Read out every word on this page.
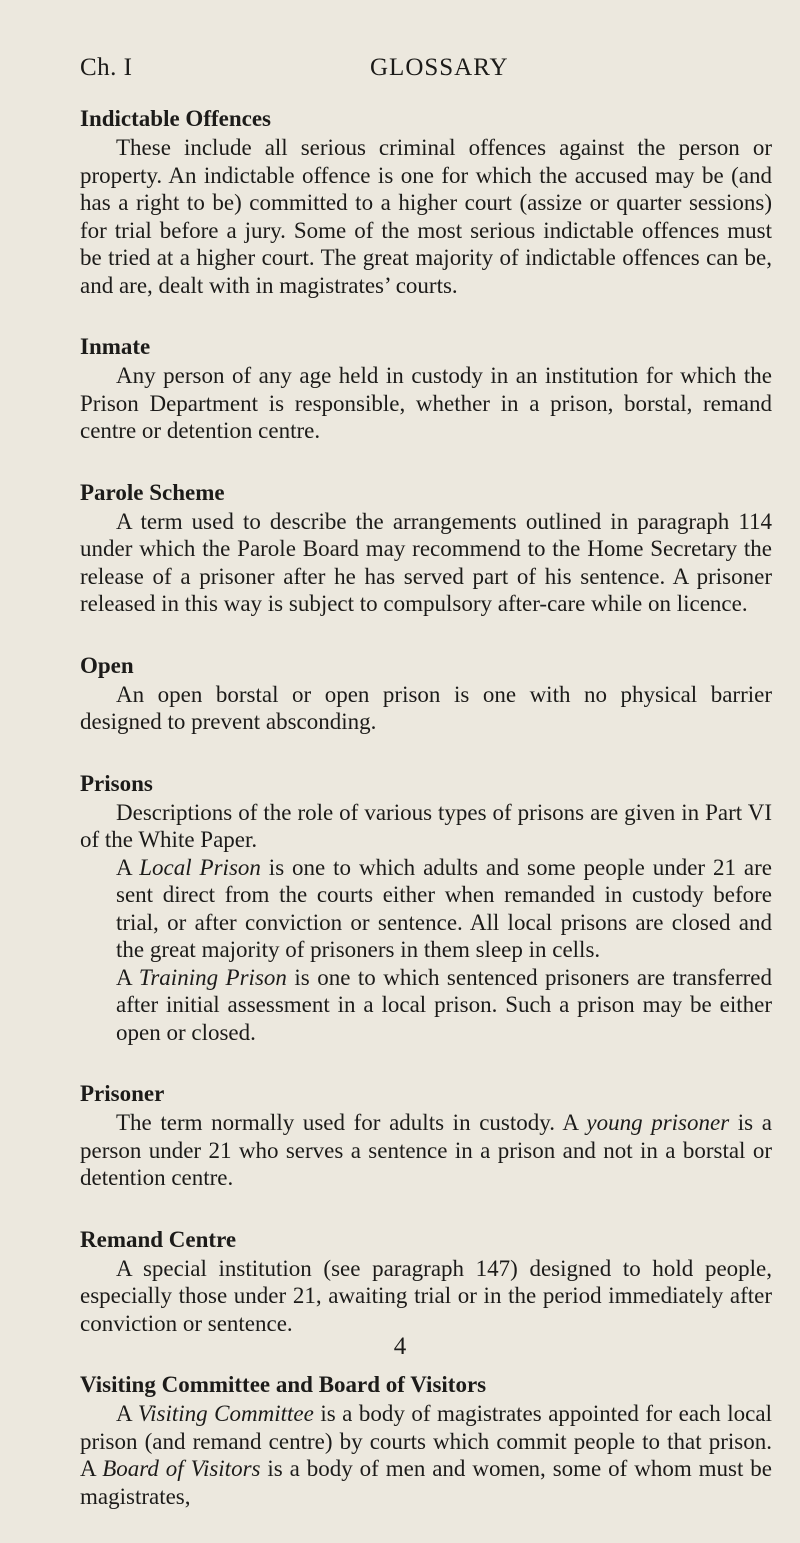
Ch. I	GLOSSARY

Indictable Offences

These include all serious criminal offences against the person or property. An indictable offence is one for which the accused may be (and has a right to be) committed to a higher court (assize or quarter sessions) for trial before a jury. Some of the most serious indictable offences must be tried at a higher court. The great majority of indictable offences can be, and are, dealt with in magistrates’ courts.

Inmate

Any person of any age held in custody in an institution for which the Prison Department is responsible, whether in a prison, borstal, remand centre or detention centre.

Parole Scheme

A term used to describe the arrangements outlined in paragraph 114 under which the Parole Board may recommend to the Home Secretary the release of a prisoner after he has served part of his sentence. A prisoner released in this way is subject to compulsory after-care while on licence.

Open

An open borstal or open prison is one with no physical barrier designed to prevent absconding.

Prisons

Descriptions of the role of various types of prisons are given in Part VI of the White Paper.

A Local Prison is one to which adults and some people under 21 are sent direct from the courts either when remanded in custody before trial, or after conviction or sentence. All local prisons are closed and the great majority of prisoners in them sleep in cells.

A Training Prison is one to which sentenced prisoners are transferred after initial assessment in a local prison. Such a prison may be either open or closed.

Prisoner

The term normally used for adults in custody. A young prisoner is a person under 21 who serves a sentence in a prison and not in a borstal or detention centre.

Remand Centre

A special institution (see paragraph 147) designed to hold people, especially those under 21, awaiting trial or in the period immediately after conviction or sentence.

Visiting Committee and Board of Visitors

A Visiting Committee is a body of magistrates appointed for each local prison (and remand centre) by courts which commit people to that prison. A Board of Visitors is a body of men and women, some of whom must be magistrates,

4
